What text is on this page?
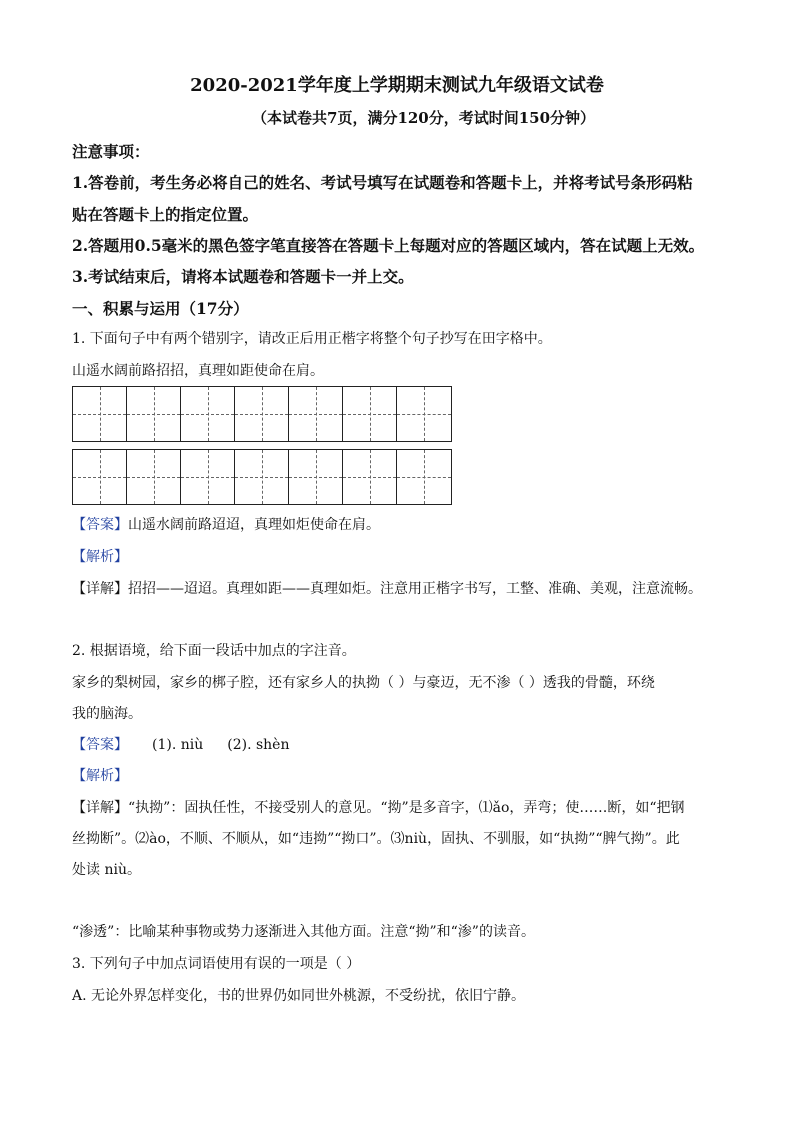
2020-2021学年度上学期期末测试九年级语文试卷

（本试卷共7页，满分120分，考试时间150分钟）

注意事项：

1.答卷前，考生务必将自己的姓名、考试号填写在试题卷和答题卡上，并将考试号条形码粘

贴在答题卡上的指定位置。

2.答题用0.5毫米的黑色签字笔直接答在答题卡上每题对应的答题区域内，答在试题上无效。

3.考试结束后，请将本试题卷和答题卡一并上交。

一、积累与运用（17分）

1. 下面句子中有两个错别字，请改正后用正楷字将整个句子抄写在田字格中。

山遥水阔前路招招，真理如距使命在肩。

【答案】山遥水阔前路迢迢，真理如炬使命在肩。

【解析】

【详解】招招——迢迢。真理如距——真理如炬。注意用正楷字书写，工整、准确、美观，注意流畅。

2. 根据语境，给下面一段话中加点的字注音。

家乡的梨树园，家乡的梆子腔，还有家乡人的执拗（ ）与豪迈，无不渗（ ）透我的骨髓，环绕

我的脑海。

【答案】 (1). niù (2). shèn

【解析】

【详解】“执拗”：固执任性，不接受别人的意见。“拗”是多音字，⑴ǎo，弄弯；使……断，如“把钢

丝拗断”。⑵ào，不顺、不顺从，如“违拗”“拗口”。⑶niù，固执、不驯服，如“执拗”“脾气拗”。此

处读 niù。

“渗透”：比喻某种事物或势力逐渐进入其他方面。注意“拗”和“渗”的读音。

3. 下列句子中加点词语使用有误的一项是（ ）

A. 无论外界怎样变化，书的世界仍如同世外桃源，不受纷扰，依旧宁静。
